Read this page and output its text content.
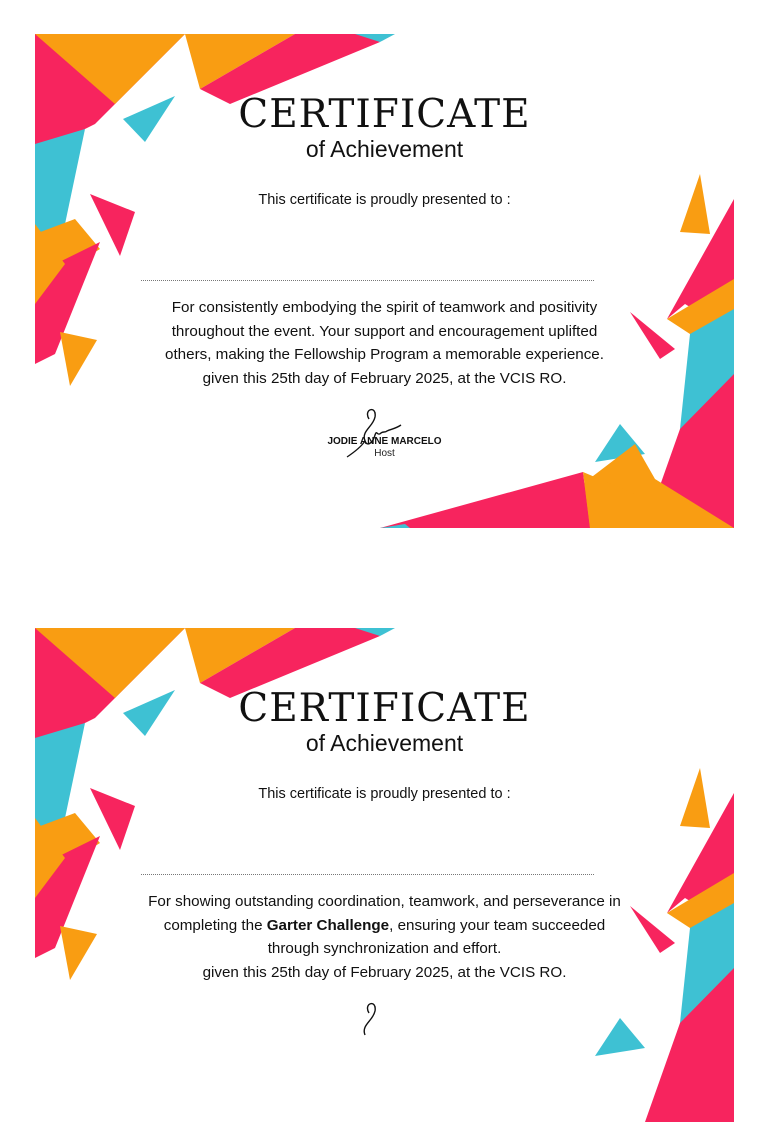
CERTIFICATE
of Achievement
This certificate is proudly presented to :

For consistently embodying the spirit of teamwork and positivity

throughout the event. Your support and encouragement uplifted

others, making the Fellowship Program a memorable experience.

given this 25th day of February 2025, at the VCIS RO.

JODIE ANNE MARCELO
Host
CERTIFICATE
of Achievement
This certificate is proudly presented to :

For showing outstanding coordination, teamwork, and perseverance in

completing the Garter Challenge, ensuring your team succeeded

through synchronization and effort.

given this 25th day of February 2025, at the VCIS RO.
